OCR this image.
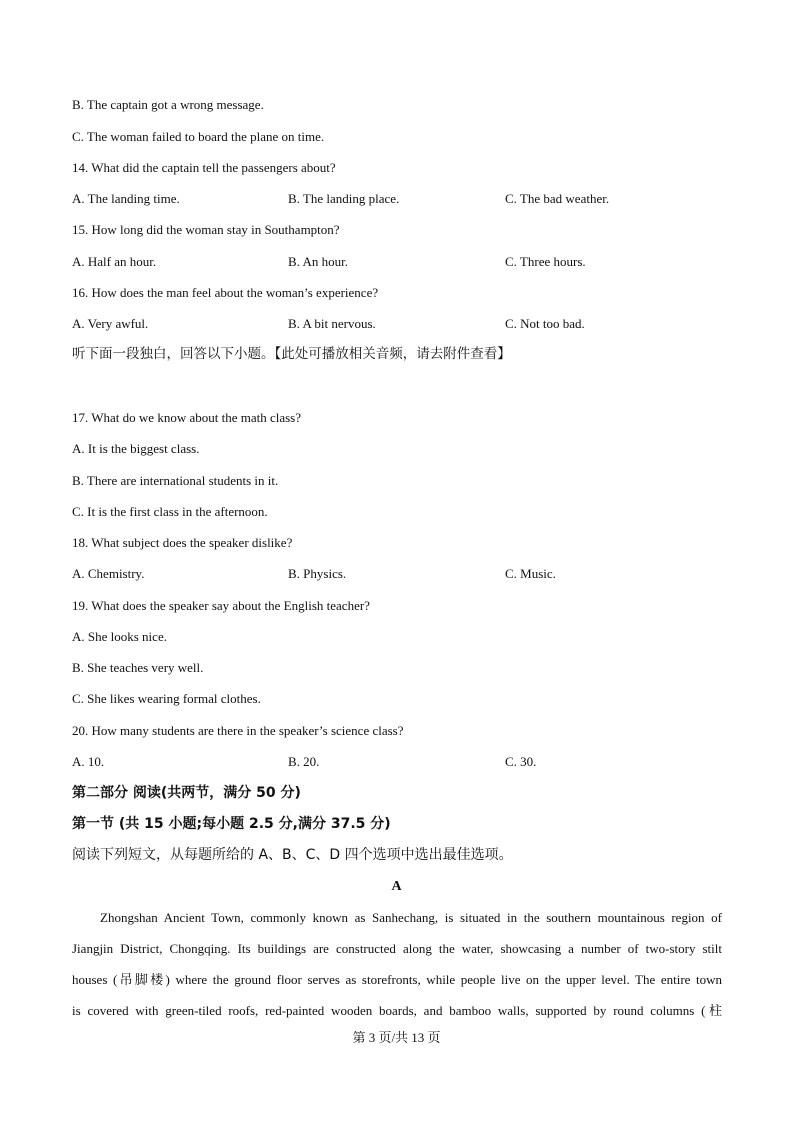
B. The captain got a wrong message.
C. The woman failed to board the plane on time.
14. What did the captain tell the passengers about?
A. The landing time.	B. The landing place.	C. The bad weather.
15. How long did the woman stay in Southampton?
A. Half an hour.	B. An hour.	C. Three hours.
16. How does the man feel about the woman’s experience?
A. Very awful.	B. A bit nervous.	C. Not too bad.
听下面一段独白，回答以下小题。【此处可播放相关音频，请去附件查看】
17. What do we know about the math class?
A. It is the biggest class.
B. There are international students in it.
C. It is the first class in the afternoon.
18. What subject does the speaker dislike?
A. Chemistry.	B. Physics.	C. Music.
19. What does the speaker say about the English teacher?
A. She looks nice.
B. She teaches very well.
C. She likes wearing formal clothes.
20. How many students are there in the speaker’s science class?
A. 10.	B. 20.	C. 30.
第二部分 阅读(共两节，满分 50 分)
第一节 (共 15 小题;每小题 2.5 分,满分 37.5 分)
阅读下列短文，从每题所给的 A、B、C、D 四个选项中选出最佳选项。
A
Zhongshan Ancient Town, commonly known as Sanhechang, is situated in the southern mountainous region of
Jiangjin District, Chongqing. Its buildings are constructed along the water, showcasing a number of two-story stilt
houses (吊脚楼) where the ground floor serves as storefronts, while people live on the upper level. The entire town
is covered with green-tiled roofs, red-painted wooden boards, and bamboo walls, supported by round columns (柱
第 3 页/共 13 页
